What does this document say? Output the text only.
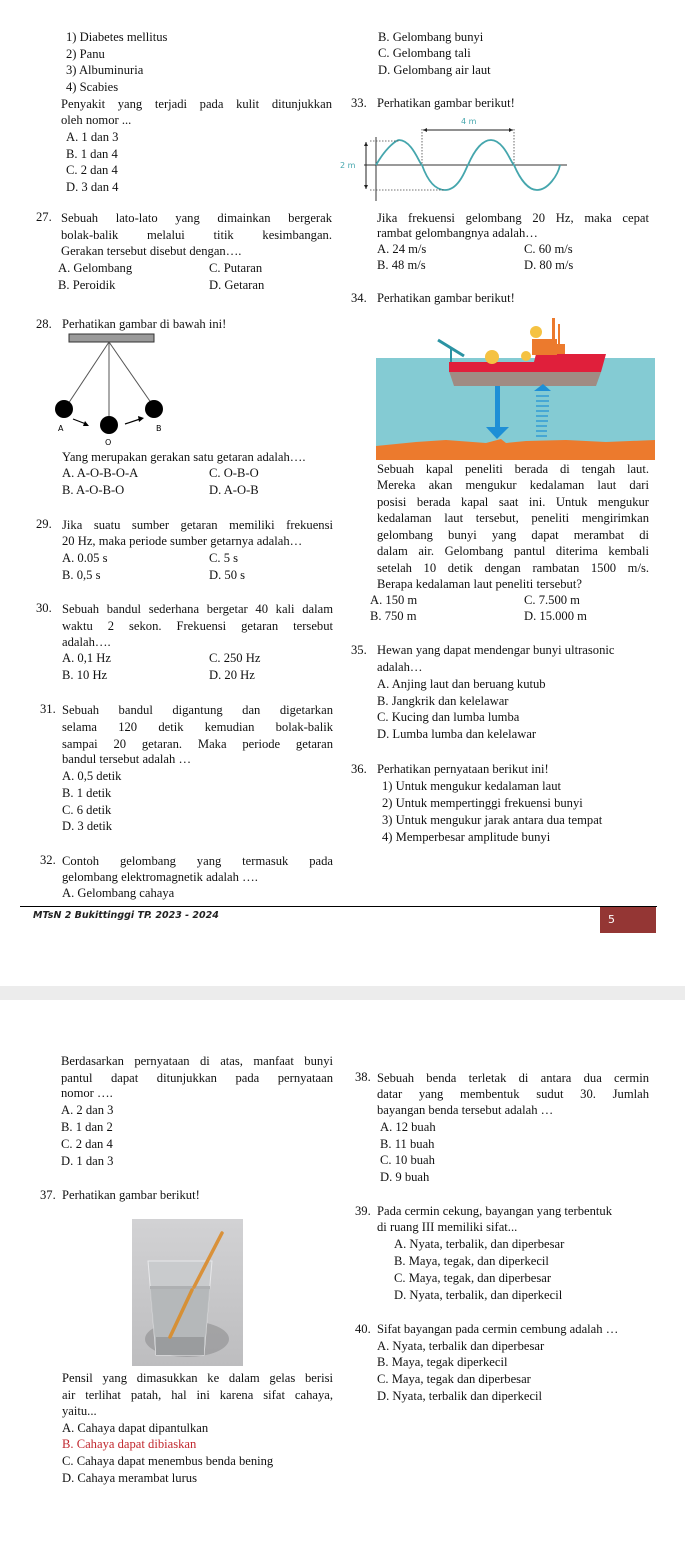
1) Diabetes mellitus
2) Panu
3) Albuminuria
4) Scabies
Penyakit yang terjadi pada kulit ditunjukkan
oleh nomor ...
A. 1 dan 3
B. 1 dan 4
C. 2 dan 4
D. 3 dan 4
27. Sebuah lato-lato yang dimainkan bergerak
bolak-balik melalui titik kesimbangan.
Gerakan tersebut disebut dengan….
A. Gelombang
B. Peroidik
C. Putaran
D. Getaran
28. Perhatikan gambar di bawah ini!
A
O
B
Yang merupakan gerakan satu getaran adalah….
A. A-O-B-O-A
B. A-O-B-O
C. O-B-O
D. A-O-B
29. Jika suatu sumber getaran memiliki frekuensi
20 Hz, maka periode sumber getarnya adalah…
A. 0.05 s
B. 0,5 s
C. 5 s
D. 50 s
30. Sebuah bandul sederhana bergetar 40 kali dalam
waktu 2 sekon. Frekuensi getaran tersebut
adalah….
A. 0,1 Hz
B. 10 Hz
C. 250 Hz
D. 20 Hz
31. Sebuah bandul digantung dan digetarkan
selama 120 detik kemudian bolak-balik
sampai 20 getaran. Maka periode getaran
bandul tersebut adalah …
A. 0,5 detik
B. 1 detik
C. 6 detik
D. 3 detik
32. Contoh gelombang yang termasuk pada
gelombang elektromagnetik adalah ….
A. Gelombang cahaya
B. Gelombang bunyi
C. Gelombang tali
D. Gelombang air laut
33. Perhatikan gambar berikut!
4 m
2 m
Jika frekuensi gelombang 20 Hz, maka cepat
rambat gelombangnya adalah…
A. 24 m/s
B. 48 m/s
C. 60 m/s
D. 80 m/s
34. Perhatikan gambar berikut!
Sebuah kapal peneliti berada di tengah laut.
Mereka akan mengukur kedalaman laut dari
posisi berada kapal saat ini. Untuk mengukur
kedalaman laut tersebut, peneliti mengirimkan
gelombang bunyi yang dapat merambat di
dalam air. Gelombang pantul diterima kembali
setelah 10 detik dengan rambatan 1500 m/s.
Berapa kedalaman laut peneliti tersebut?
A. 150 m
B. 750 m
C. 7.500 m
D. 15.000 m
35. Hewan yang dapat mendengar bunyi ultrasonic
adalah…
A. Anjing laut dan beruang kutub
B. Jangkrik dan kelelawar
C. Kucing dan lumba lumba
D. Lumba lumba dan kelelawar
36. Perhatikan pernyataan berikut ini!
1) Untuk mengukur kedalaman laut
2) Untuk mempertinggi frekuensi bunyi
3) Untuk mengukur jarak antara dua tempat
4) Memperbesar amplitude bunyi
MTsN 2 Bukittinggi TP. 2023 - 2024	5
Berdasarkan pernyataan di atas, manfaat bunyi
pantul dapat ditunjukkan pada pernyataan
nomor ….
A. 2 dan 3
B. 1 dan 2
C. 2 dan 4
D. 1 dan 3
37. Perhatikan gambar berikut!
Pensil yang dimasukkan ke dalam gelas berisi
air terlihat patah, hal ini karena sifat cahaya,
yaitu...
A. Cahaya dapat dipantulkan
B. Cahaya dapat dibiaskan
C. Cahaya dapat menembus benda bening
D. Cahaya merambat lurus
38. Sebuah benda terletak di antara dua cermin
datar yang membentuk sudut 30. Jumlah
bayangan benda tersebut adalah …
A. 12 buah
B. 11 buah
C. 10 buah
D. 9 buah
39. Pada cermin cekung, bayangan yang terbentuk
di ruang III memiliki sifat...
A. Nyata, terbalik, dan diperbesar
B. Maya, tegak, dan diperkecil
C. Maya, tegak, dan diperbesar
D. Nyata, terbalik, dan diperkecil
40. Sifat bayangan pada cermin cembung adalah …
A. Nyata, terbalik dan diperbesar
B. Maya, tegak diperkecil
C. Maya, tegak dan diperbesar
D. Nyata, terbalik dan diperkecil
